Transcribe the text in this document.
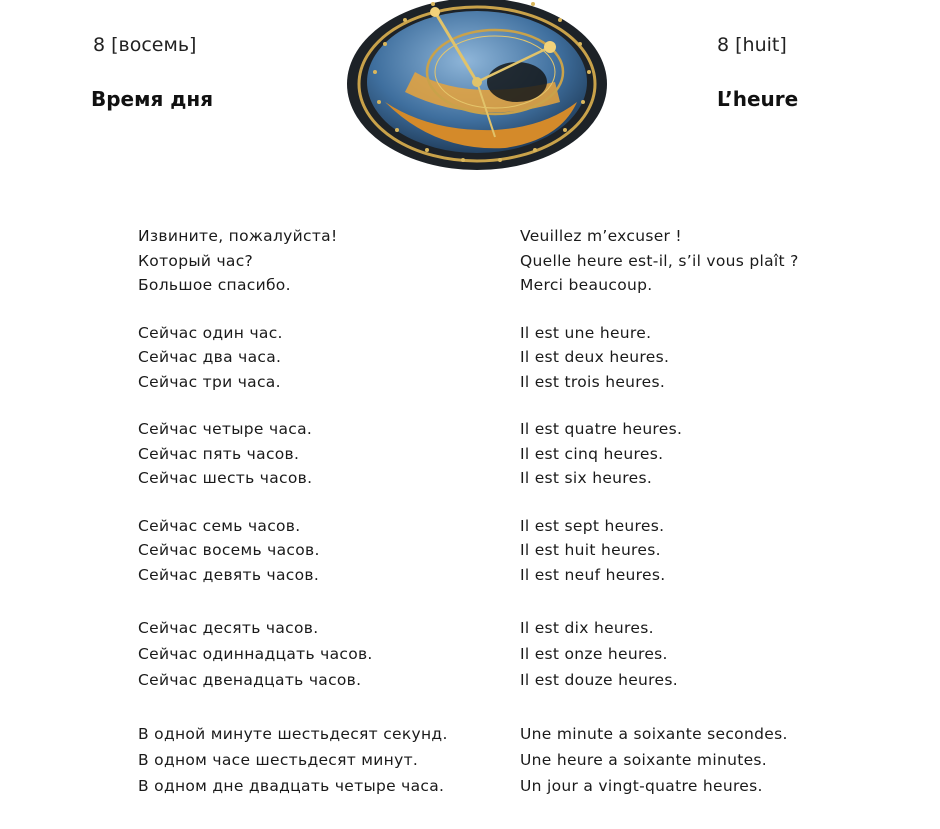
8 [восемь]	8 [huit]
Время дня	L’heure
Извините, пожалуйста!	Veuillez m’excuser !
Который час?	Quelle heure est-il, s’il vous plaît ?
Большое спасибо.	Merci beaucoup.
Сейчас один час.	Il est une heure.
Сейчас два часа.	Il est deux heures.
Сейчас три часа.	Il est trois heures.
Сейчас четыре часа.	Il est quatre heures.
Сейчас пять часов.	Il est cinq heures.
Сейчас шесть часов.	Il est six heures.
Сейчас семь часов.	Il est sept heures.
Сейчас восемь часов.	Il est huit heures.
Сейчас девять часов.	Il est neuf heures.
Сейчас десять часов.	Il est dix heures.
Сейчас одиннадцать часов.	Il est onze heures.
Сейчас двенадцать часов.	Il est douze heures.
В одной минуте шестьдесят секунд.	Une minute a soixante secondes.
В одном часе шестьдесят минут.	Une heure a soixante minutes.
В одном дне двадцать четыре часа.	Un jour a vingt-quatre heures.
